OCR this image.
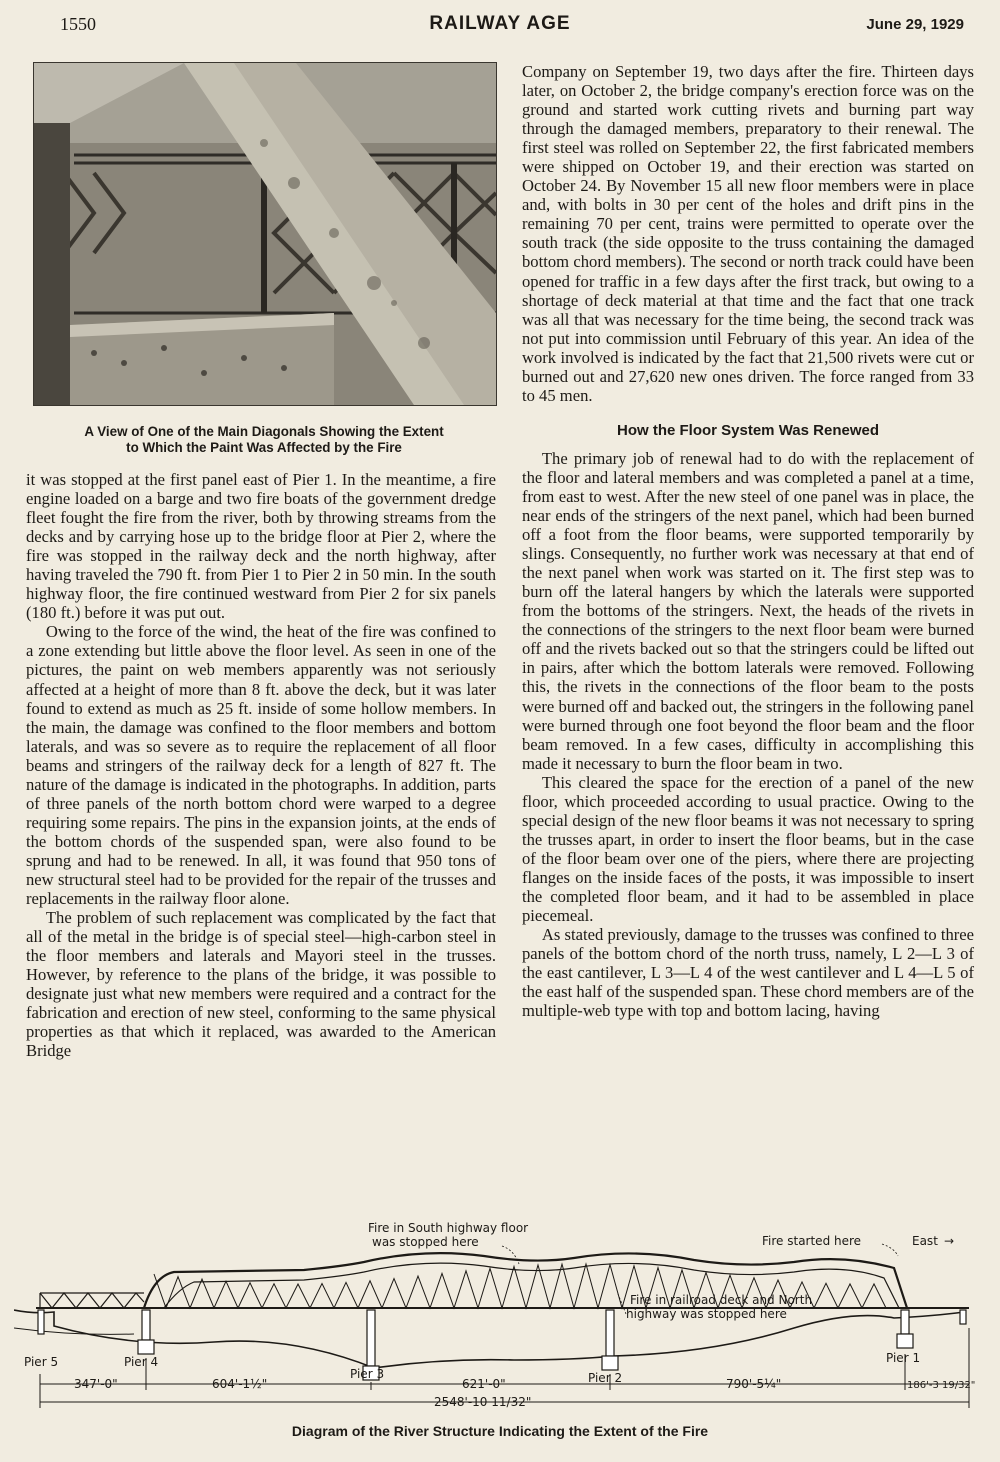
1550	RAILWAY AGE	June 29, 1929
A View of One of the Main Diagonals Showing the Extent
to Which the Paint Was Affected by the Fire

it was stopped at the first panel east of Pier 1. In the meantime, a fire engine loaded on a barge and two fire boats of the government dredge fleet fought the fire from the river, both by throwing streams from the decks and by carrying hose up to the bridge floor at Pier 2, where the fire was stopped in the railway deck and the north highway, after having traveled the 790 ft. from Pier 1 to Pier 2 in 50 min. In the south highway floor, the fire continued westward from Pier 2 for six panels (180 ft.) before it was put out.

Owing to the force of the wind, the heat of the fire was confined to a zone extending but little above the floor level. As seen in one of the pictures, the paint on web members apparently was not seriously affected at a height of more than 8 ft. above the deck, but it was later found to extend as much as 25 ft. inside of some hollow members. In the main, the damage was confined to the floor members and bottom laterals, and was so severe as to require the replacement of all floor beams and stringers of the railway deck for a length of 827 ft. The nature of the damage is indicated in the photographs. In addition, parts of three panels of the north bottom chord were warped to a degree requiring some repairs. The pins in the expansion joints, at the ends of the bottom chords of the suspended span, were also found to be sprung and had to be renewed. In all, it was found that 950 tons of new structural steel had to be provided for the repair of the trusses and replacements in the railway floor alone.

The problem of such replacement was complicated by the fact that all of the metal in the bridge is of special steel—high-carbon steel in the floor members and laterals and Mayori steel in the trusses. However, by reference to the plans of the bridge, it was possible to designate just what new members were required and a contract for the fabrication and erection of new steel, conforming to the same physical properties as that which it replaced, was awarded to the American Bridge

Company on September 19, two days after the fire. Thirteen days later, on October 2, the bridge company's erection force was on the ground and started work cutting rivets and burning part way through the damaged members, preparatory to their renewal. The first steel was rolled on September 22, the first fabricated members were shipped on October 19, and their erection was started on October 24. By November 15 all new floor members were in place and, with bolts in 30 per cent of the holes and drift pins in the remaining 70 per cent, trains were permitted to operate over the south track (the side opposite to the truss containing the damaged bottom chord members). The second or north track could have been opened for traffic in a few days after the first track, but owing to a shortage of deck material at that time and the fact that one track was all that was necessary for the time being, the second track was not put into commission until February of this year. An idea of the work involved is indicated by the fact that 21,500 rivets were cut or burned out and 27,620 new ones driven. The force ranged from 33 to 45 men.

How the Floor System Was Renewed

The primary job of renewal had to do with the replacement of the floor and lateral members and was completed a panel at a time, from east to west. After the new steel of one panel was in place, the near ends of the stringers of the next panel, which had been burned off a foot from the floor beams, were supported temporarily by slings. Consequently, no further work was necessary at that end of the next panel when work was started on it. The first step was to burn off the lateral hangers by which the laterals were supported from the bottoms of the stringers. Next, the heads of the rivets in the connections of the stringers to the next floor beam were burned off and the rivets backed out so that the stringers could be lifted out in pairs, after which the bottom laterals were removed. Following this, the rivets in the connections of the floor beam to the posts were burned off and backed out, the stringers in the following panel were burned through one foot beyond the floor beam and the floor beam removed. In a few cases, difficulty in accomplishing this made it necessary to burn the floor beam in two.

This cleared the space for the erection of a panel of the new floor, which proceeded according to usual practice. Owing to the special design of the new floor beams it was not necessary to spring the trusses apart, in order to insert the floor beams, but in the case of the floor beam over one of the piers, where there are projecting flanges on the inside faces of the posts, it was impossible to insert the completed floor beam, and it had to be assembled in place piecemeal.

As stated previously, damage to the trusses was confined to three panels of the bottom chord of the north truss, namely, L 2—L 3 of the east cantilever, L 3—L 4 of the west cantilever and L 4—L 5 of the east half of the suspended span. These chord members are of the multiple-web type with top and bottom lacing, having

Fire in South highway floor
was stopped here	Fire started here	East →
Fire in railroad deck and North
highway was stopped here
Pier 5	Pier 4
Pier 3	Pier 2
Pier 1
347'-0"	604'-1½"	621'-0"	790'-5¼"	186'-3 19/32"
2548'-10 11/32"
Diagram of the River Structure Indicating the Extent of the Fire
